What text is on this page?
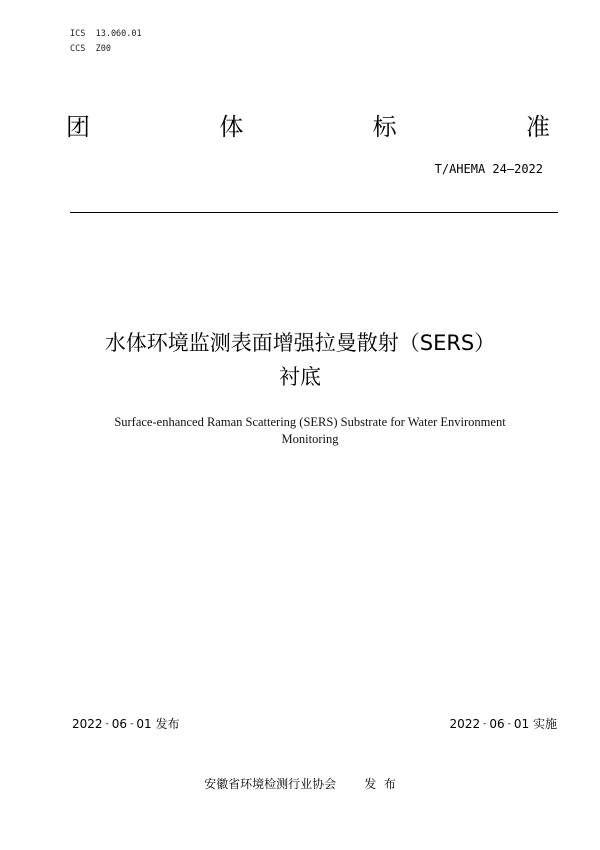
ICS  13.060.01
CCS  Z00
团	体	标	准
T/AHEMA 24—2022
水体环境监测表面增强拉曼散射（SERS）
衬底
Surface-enhanced Raman Scattering (SERS) Substrate for Water Environment
Monitoring
2022 - 06 - 01 发布	2022 - 06 - 01 实施
安徽省环境检测行业协会 发  布
